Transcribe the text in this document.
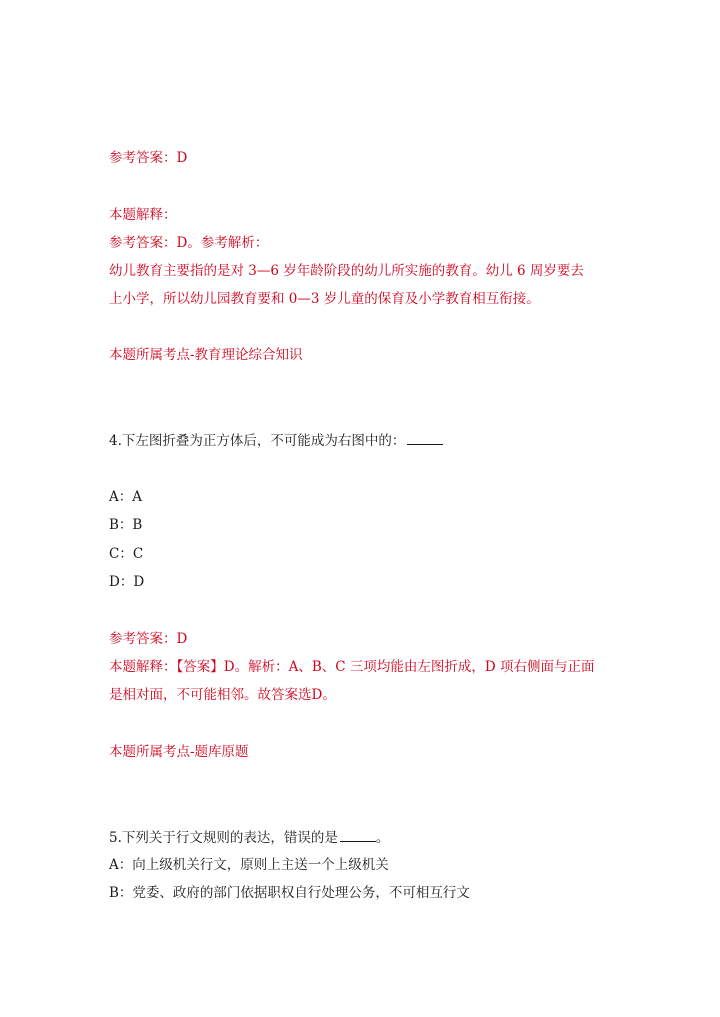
参考答案：D

本题解释：

参考答案：D。参考解析：

幼儿教育主要指的是对 3—6 岁年龄阶段的幼儿所实施的教育。幼儿 6 周岁要去

上小学，所以幼儿园教育要和 0—3 岁儿童的保育及小学教育相互衔接。

本题所属考点-教育理论综合知识

4.下左图折叠为正方体后，不可能成为右图中的：

A：A

B：B

C：C

D：D

参考答案：D

本题解释：【答案】D。解析：A、B、C 三项均能由左图折成，D 项右侧面与正面

是相对面，不可能相邻。故答案选D。

本题所属考点-题库原题

5.下列关于行文规则的表达，错误的是	。

A：向上级机关行文，原则上主送一个上级机关

B：党委、政府的部门依据职权自行处理公务，不可相互行文
